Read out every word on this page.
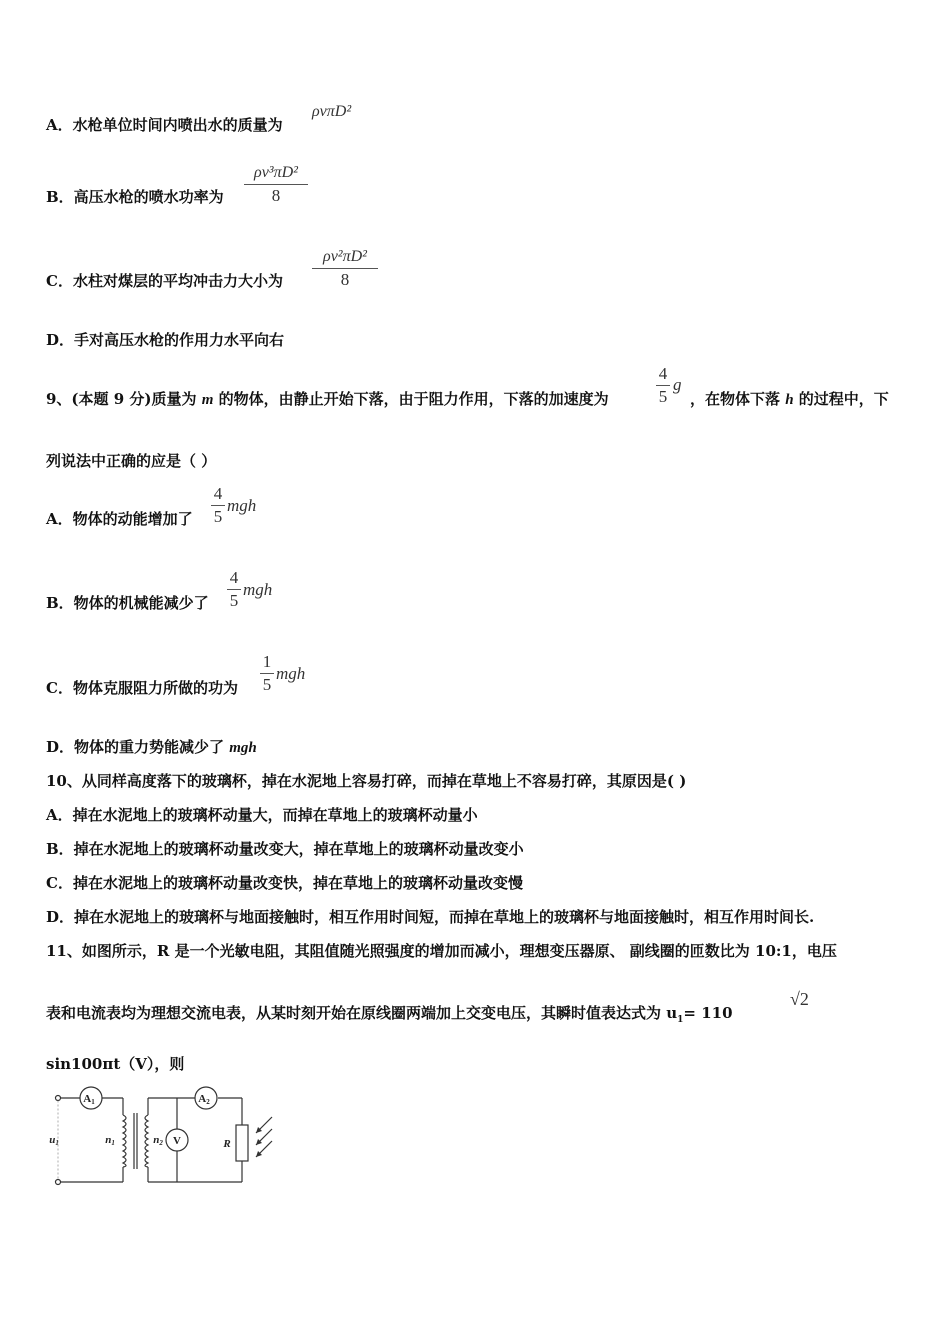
A．水枪单位时间内喷出水的质量为
ρvπD²
B．高压水枪的喷水功率为
ρv³πD²
8
C．水柱对煤层的平均冲击力大小为
ρv²πD²
8
D．手对高压水枪的作用力水平向右
9、(本题 9 分)质量为 m 的物体，由静止开始下落，由于阻力作用，下落的加速度为
4
5
g
，在物体下落 h 的过程中，下
列说法中正确的应是（ ）
A．物体的动能增加了
4
5
mgh
B．物体的机械能减少了
4
5
mgh
C．物体克服阻力所做的功为
1
5
mgh
D．物体的重力势能减少了 mgh
10、从同样高度落下的玻璃杯，掉在水泥地上容易打碎，而掉在草地上不容易打碎，其原因是( )
A．掉在水泥地上的玻璃杯动量大，而掉在草地上的玻璃杯动量小
B．掉在水泥地上的玻璃杯动量改变大，掉在草地上的玻璃杯动量改变小
C．掉在水泥地上的玻璃杯动量改变快，掉在草地上的玻璃杯动量改变慢
D．掉在水泥地上的玻璃杯与地面接触时，相互作用时间短，而掉在草地上的玻璃杯与地面接触时，相互作用时间长.
11、如图所示，R 是一个光敏电阻，其阻值随光照强度的增加而减小，理想变压器原、 副线圈的匝数比为 10:1，电压
表和电流表均为理想交流电表，从某时刻开始在原线圈两端加上交变电压，其瞬时值表达式为 $u_1= 110$
√2
sin100πt（V），则
A1	A2
V
u1	n1	n2	R
